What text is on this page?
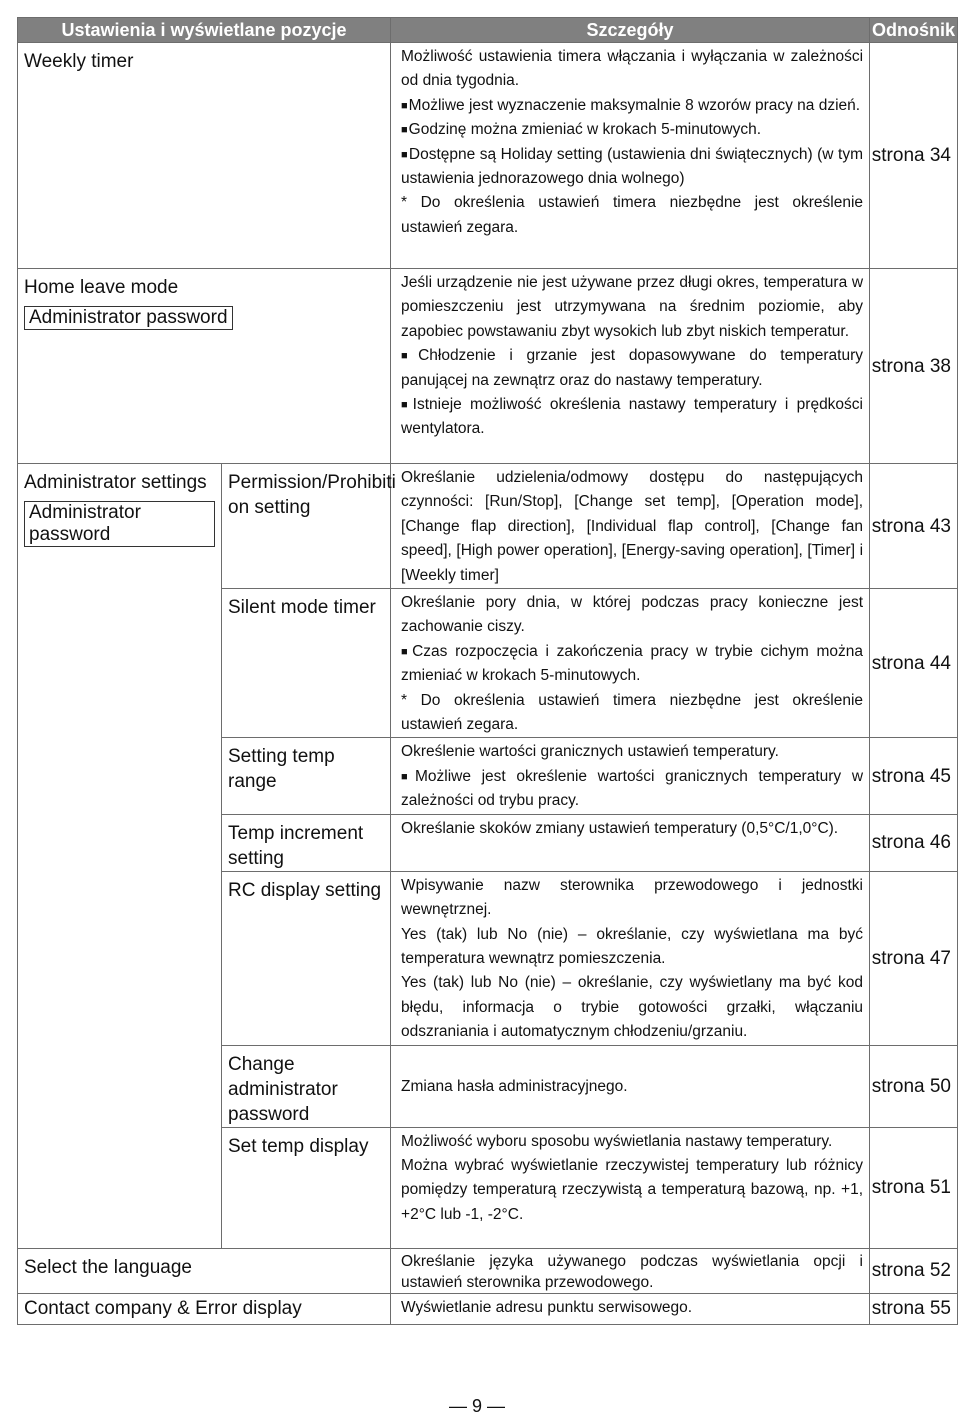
Ustawienia i wyświetlane pozycje		Szczegóły	Odnośnik
Weekly timer		Możliwość ustawienia timera włączania i wyłączania w zależności od dnia tygodnia.
■ Możliwe jest wyznaczenie maksymalnie 8 wzorów pracy na dzień.
■ Godzinę można zmieniać w krokach 5-minutowych.
■ Dostępne są Holiday setting (ustawienia dni świątecznych) (w tym ustawienia jednorazowego dnia wolnego)
* Do określenia ustawień timera niezbędne jest określenie ustawień zegara.	strona 34
Home leave mode
Administrator password		Jeśli urządzenie nie jest używane przez długi okres, temperatura w pomieszczeniu jest utrzymywana na średnim poziomie, aby zapobiec powstawaniu zbyt wysokich lub zbyt niskich temperatur.
■ Chłodzenie i grzanie jest dopasowywane do temperatury panującej na zewnątrz oraz do nastawy temperatury.
■ Istnieje możliwość określenia nastawy temperatury i prędkości wentylatora.	strona 38
Administrator settings
Administrator password	Permission/Prohibiti on setting	Określanie udzielenia/odmowy dostępu do następujących czynności: [Run/Stop], [Change set temp], [Operation mode], [Change flap direction], [Individual flap control], [Change fan speed], [High power operation], [Energy-saving operation], [Timer] i [Weekly timer]	strona 43
	Silent mode timer	Określanie pory dnia, w której podczas pracy konieczne jest zachowanie ciszy.
■ Czas rozpoczęcia i zakończenia pracy w trybie cichym można zmieniać w krokach 5-minutowych.
* Do określenia ustawień timera niezbędne jest określenie ustawień zegara.	strona 44
	Setting temp range	Określenie wartości granicznych ustawień temperatury.
■ Możliwe jest określenie wartości granicznych temperatury w zależności od trybu pracy.	strona 45
	Temp increment setting	Określanie skoków zmiany ustawień temperatury (0,5°C/1,0°C).	strona 46
	RC display setting	Wpisywanie nazw sterownika przewodowego i jednostki wewnętrznej.
Yes (tak) lub No (nie) – określanie, czy wyświetlana ma być temperatura wewnątrz pomieszczenia.
Yes (tak) lub No (nie) – określanie, czy wyświetlany ma być kod błędu, informacja o trybie gotowości grzałki, włączaniu odszraniania i automatycznym chłodzeniu/grzaniu.	strona 47

	Change administrator password	Zmiana hasła administracyjnego.	strona 50
	Set temp display	Możliwość wyboru sposobu wyświetlania nastawy temperatury.
Można wybrać wyświetlanie rzeczywistej temperatury lub różnicy pomiędzy temperaturą rzeczywistą a temperaturą bazową, np. +1, +2°C lub -1, -2°C.	strona 51
Select the language		Określanie języka używanego podczas wyświetlania opcji i ustawień sterownika przewodowego.	strona 52
Contact company & Error display		Wyświetlanie adresu punktu serwisowego.	strona 55
— 9 —
